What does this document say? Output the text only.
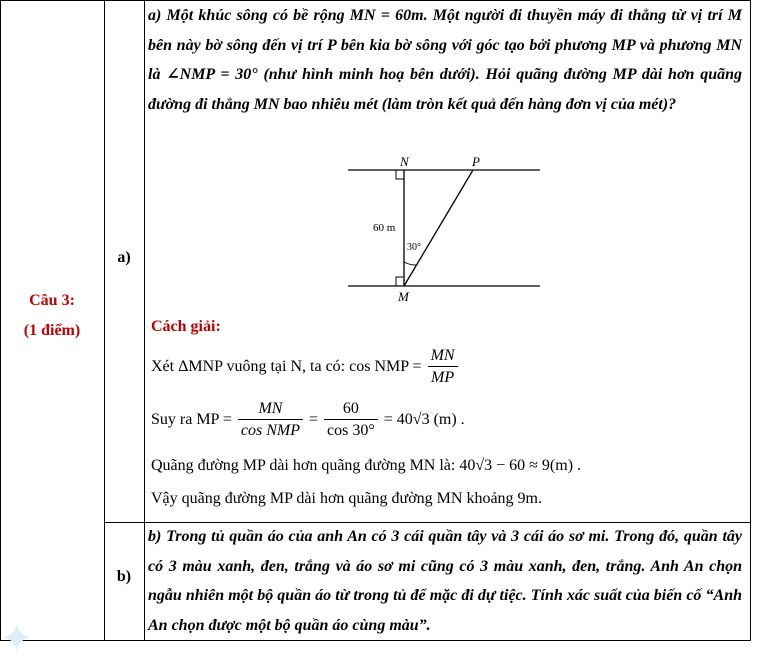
Câu 3:
(1 điểm)
a)
b)
a) Một khúc sông có bề rộng MN = 60m. Một người đi thuyền máy đi thẳng từ vị trí M bên này bờ sông đến vị trí P bên kia bờ sông với góc tạo bởi phương MP và phương MN là ∠NMP = 30° (như hình minh hoạ bên dưới). Hỏi quãng đường MP dài hơn quãng đường đi thẳng MN bao nhiêu mét (làm tròn kết quả đến hàng đơn vị của mét)?
N	P
M
60 m
30°
Cách giải:
Xét ΔMNP vuông tại N, ta có: cos NMP = $\frac{MN}{MP}$
Suy ra MP = $\frac{MN}{\text{cos NMP}} = \frac{60}{\cos 30^\circ} = 40√3$ (m) .
Quãng đường MP dài hơn quãng đường MN là: 40√3 − 60 ≈ 9(m) .
Vậy quãng đường MP dài hơn quãng đường MN khoảng 9m.
b) Trong tủ quần áo của anh An có 3 cái quần tây và 3 cái áo sơ mi. Trong đó, quần tây có 3 màu xanh, đen, trắng và áo sơ mi cũng có 3 màu xanh, đen, trắng. Anh An chọn ngẫu nhiên một bộ quần áo từ trong tủ để mặc đi dự tiệc. Tính xác suất của biến cố “Anh An chọn được một bộ quần áo cùng màu”.
✦
